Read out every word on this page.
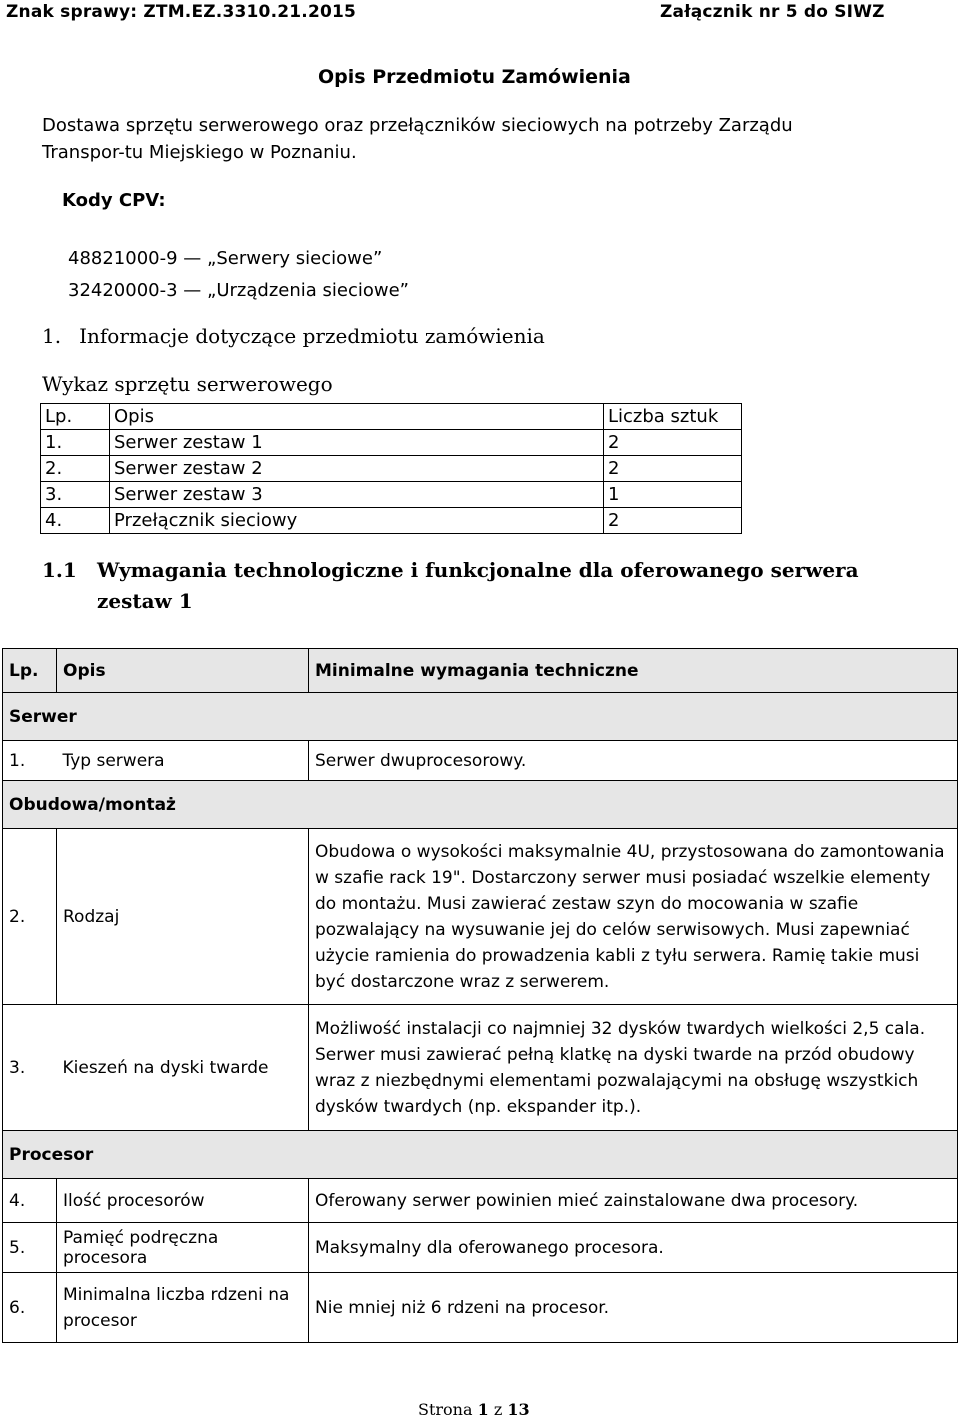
Znak sprawy: ZTM.EZ.3310.21.2015	Załącznik nr 5 do SIWZ
Opis Przedmiotu Zamówienia
Dostawa sprzętu serwerowego oraz przełączników sieciowych na potrzeby Zarządu Transpor-tu Miejskiego w Poznaniu.
Kody CPV:
48821000-9 — „Serwery sieciowe”
32420000-3 — „Urządzenia sieciowe”
1. Informacje dotyczące przedmiotu zamówienia
Wykaz sprzętu serwerowego
Lp.	Opis	Liczba sztuk
1.	Serwer zestaw 1	2
2.	Serwer zestaw 2	2
3.	Serwer zestaw 3	1
4.	Przełącznik sieciowy	2
1.1 Wymagania technologiczne i funkcjonalne dla oferowanego serwera zestaw 1
Lp.	Opis	Minimalne wymagania techniczne
Serwer		
1.	Typ serwera	Serwer dwuprocesorowy.
Obudowa/montaż		
2.	Rodzaj	Obudowa o wysokości maksymalnie 4U, przystosowana do zamontowania w szafie rack 19". Dostarczony serwer musi posiadać wszelkie elementy do montażu. Musi zawierać zestaw szyn do mocowania w szafie pozwalający na wysuwanie jej do celów serwisowych. Musi zapewniać użycie ramienia do prowadzenia kabli z tyłu serwera. Ramię takie musi być dostarczone wraz z serwerem.
3.	Kieszeń na dyski twarde	Możliwość instalacji co najmniej 32 dysków twardych wielkości 2,5 cala. Serwer musi zawierać pełną klatkę na dyski twarde na przód obudowy wraz z niezbędnymi elementami pozwalającymi na obsługę wszystkich dysków twardych (np. ekspander itp.).
Procesor		
4.	Ilość procesorów	Oferowany serwer powinien mieć zainstalowane dwa procesory.
5.	Pamięć podręczna procesora	Maksymalny dla oferowanego procesora.
6.	Minimalna liczba rdzeni na procesor	Nie mniej niż 6 rdzeni na procesor.
Strona 1 z 13
